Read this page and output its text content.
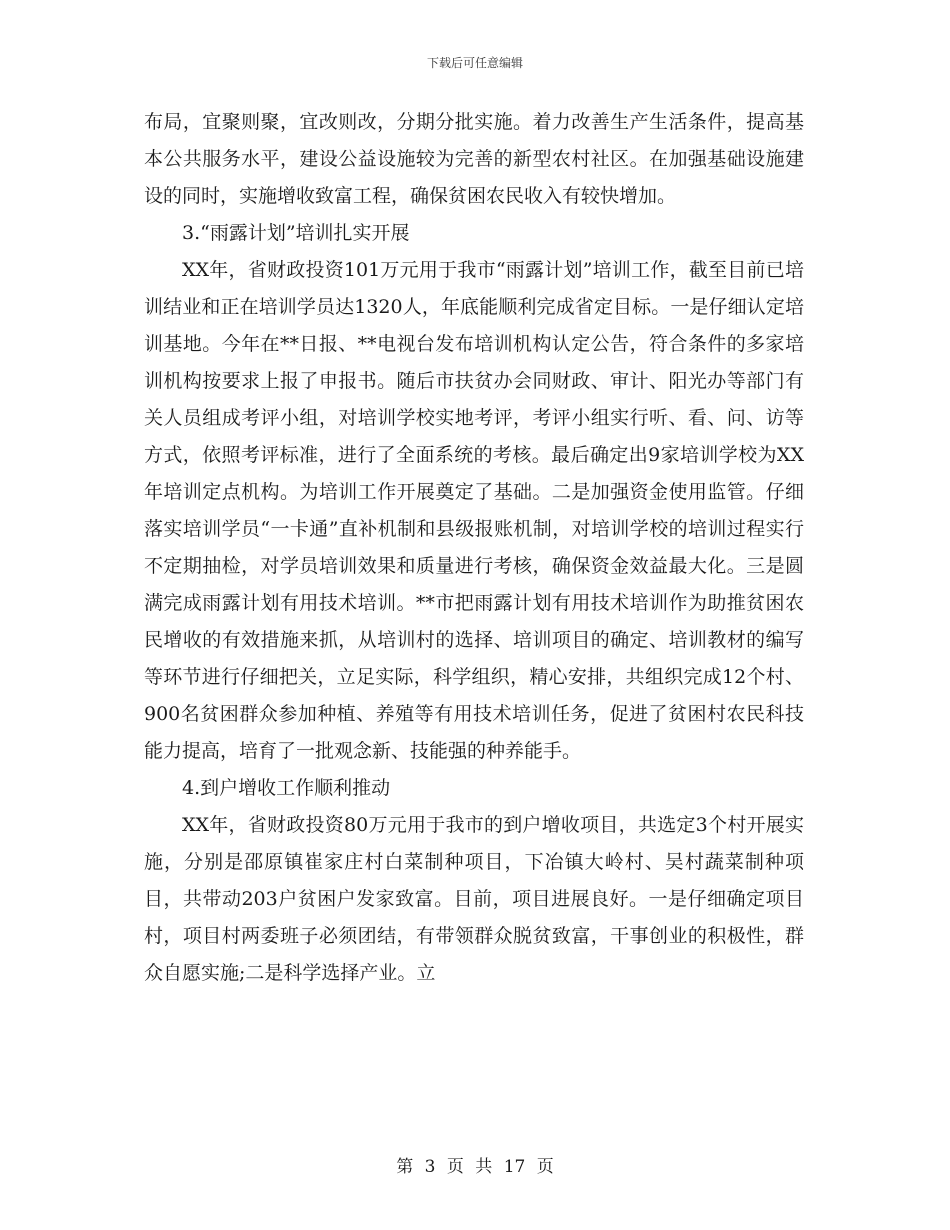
下载后可任意编辑

布局，宜聚则聚，宜改则改，分期分批实施。着力改善生产生活条件，提高基本公共服务水平，建设公益设施较为完善的新型农村社区。在加强基础设施建设的同时，实施增收致富工程，确保贫困农民收入有较快增加。

3.“雨露计划”培训扎实开展

XX年，省财政投资101万元用于我市“雨露计划”培训工作，截至目前已培训结业和正在培训学员达1320人，年底能顺利完成省定目标。一是仔细认定培训基地。今年在**日报、**电视台发布培训机构认定公告，符合条件的多家培训机构按要求上报了申报书。随后市扶贫办会同财政、审计、阳光办等部门有关人员组成考评小组，对培训学校实地考评，考评小组实行听、看、问、访等方式，依照考评标准，进行了全面系统的考核。最后确定出9家培训学校为XX年培训定点机构。为培训工作开展奠定了基础。二是加强资金使用监管。仔细落实培训学员“一卡通”直补机制和县级报账机制，对培训学校的培训过程实行不定期抽检，对学员培训效果和质量进行考核，确保资金效益最大化。三是圆满完成雨露计划有用技术培训。**市把雨露计划有用技术培训作为助推贫困农民增收的有效措施来抓，从培训村的选择、培训项目的确定、培训教材的编写等环节进行仔细把关，立足实际，科学组织，精心安排，共组织完成12个村、900名贫困群众参加种植、养殖等有用技术培训任务，促进了贫困村农民科技能力提高，培育了一批观念新、技能强的种养能手。

4.到户增收工作顺利推动

XX年，省财政投资80万元用于我市的到户增收项目，共选定3个村开展实施，分别是邵原镇崔家庄村白菜制种项目，下冶镇大岭村、吴村蔬菜制种项目，共带动203户贫困户发家致富。目前，项目进展良好。一是仔细确定项目村，项目村两委班子必须团结，有带领群众脱贫致富，干事创业的积极性，群众自愿实施;二是科学选择产业。立

第 3 页 共 17 页
